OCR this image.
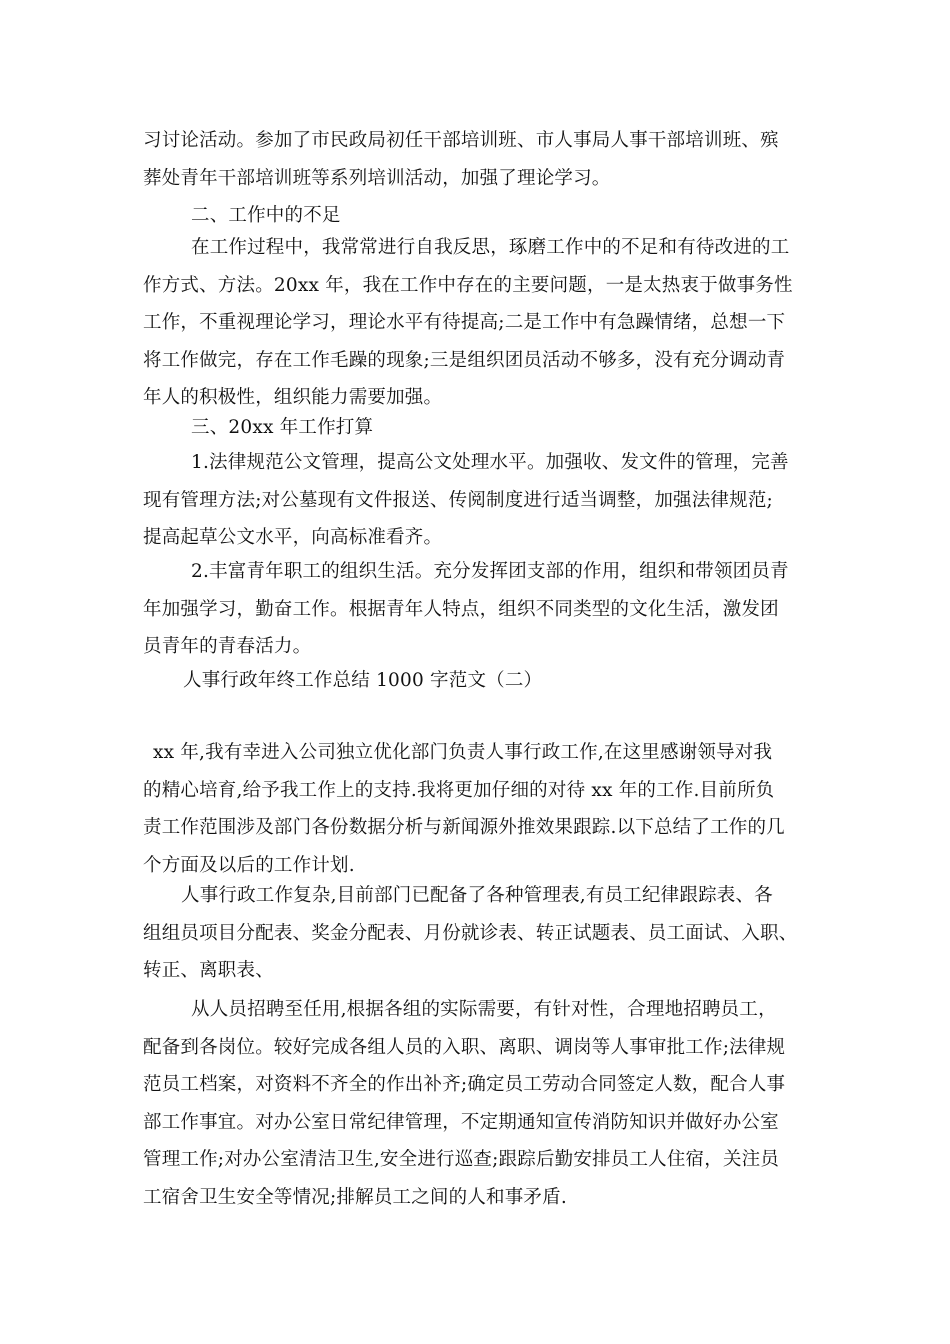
习讨论活动。参加了市民政局初任干部培训班、市人事局人事干部培训班、殡
葬处青年干部培训班等系列培训活动，加强了理论学习。
二、工作中的不足
在工作过程中，我常常进行自我反思，琢磨工作中的不足和有待改进的工
作方式、方法。20xx 年，我在工作中存在的主要问题，一是太热衷于做事务性
工作，不重视理论学习，理论水平有待提高;二是工作中有急躁情绪，总想一下
将工作做完，存在工作毛躁的现象;三是组织团员活动不够多，没有充分调动青
年人的积极性，组织能力需要加强。
三、20xx 年工作打算
1.法律规范公文管理，提高公文处理水平。加强收、发文件的管理，完善
现有管理方法;对公墓现有文件报送、传阅制度进行适当调整，加强法律规范;
提高起草公文水平，向高标准看齐。
2.丰富青年职工的组织生活。充分发挥团支部的作用，组织和带领团员青
年加强学习，勤奋工作。根据青年人特点，组织不同类型的文化生活，激发团
员青年的青春活力。
人事行政年终工作总结 1000 字范文（二）
xx 年,我有幸进入公司独立优化部门负责人事行政工作,在这里感谢领导对我
的精心培育,给予我工作上的支持.我将更加仔细的对待 xx 年的工作.目前所负
责工作范围涉及部门各份数据分析与新闻源外推效果跟踪.以下总结了工作的几
个方面及以后的工作计划.
人事行政工作复杂,目前部门已配备了各种管理表,有员工纪律跟踪表、各
组组员项目分配表、奖金分配表、月份就诊表、转正试题表、员工面试、入职、
转正、离职表、
从人员招聘至任用,根据各组的实际需要，有针对性，合理地招聘员工，
配备到各岗位。较好完成各组人员的入职、离职、调岗等人事审批工作;法律规
范员工档案，对资料不齐全的作出补齐;确定员工劳动合同签定人数，配合人事
部工作事宜。对办公室日常纪律管理，不定期通知宣传消防知识并做好办公室
管理工作;对办公室清洁卫生,安全进行巡查;跟踪后勤安排员工人住宿，关注员
工宿舍卫生安全等情况;排解员工之间的人和事矛盾.
